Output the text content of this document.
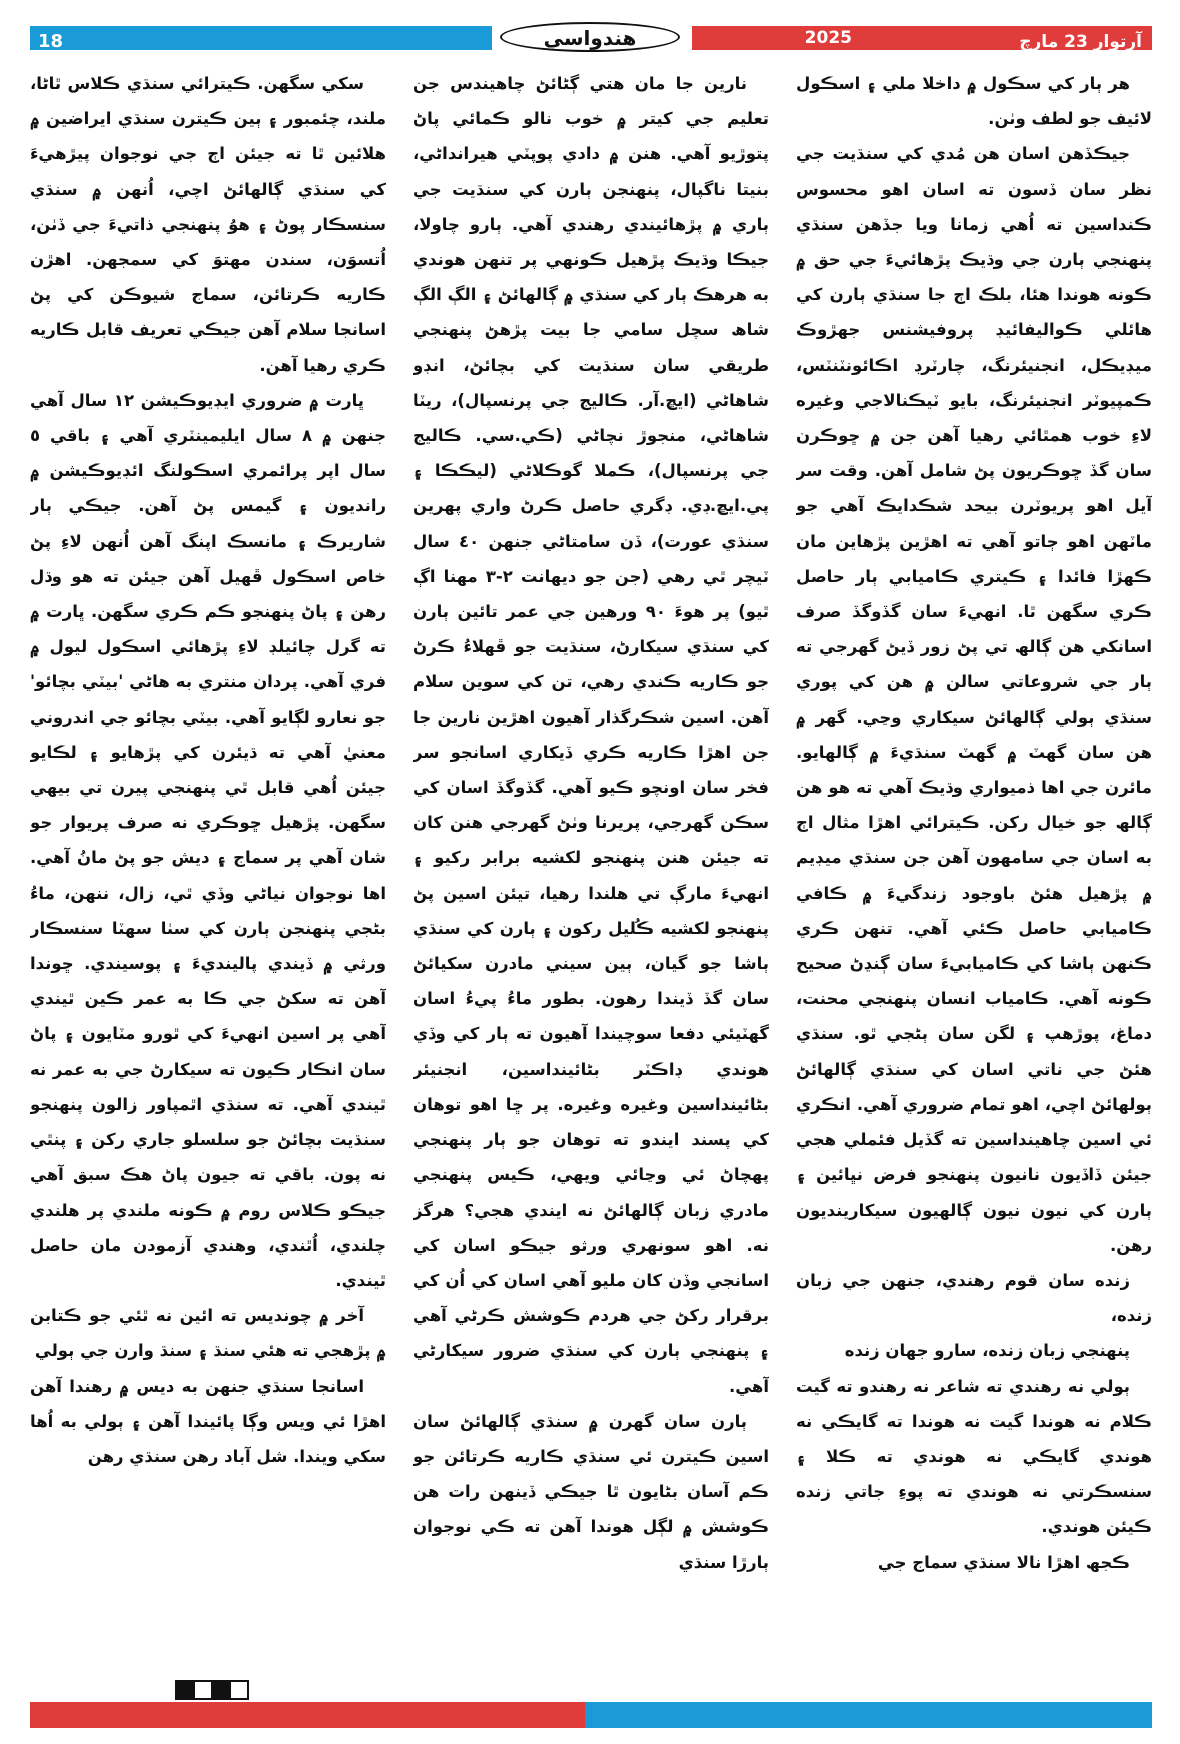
18	آرتوار 23 مارچ
2025
ھندواسي

هر ٻار کي سڪول ۾ داخلا ملي ۽ اسڪول لائيف جو لطف وٺن.

جيڪڏھن اسان ھن مُدي کي سنڌيت جي نظر سان ڏسون ته اسان اهو محسوس ڪنداسين ته اُهي زمانا ويا جڏھن سنڌي پنھنجي ٻارن جي وڌيڪ پڙھائيءَ جي حق ۾ ڪونه هوندا هئا، بلڪ اڄ جا سنڌي ٻارن کي هائلي ڪواليفائيڊ پروفيشنس جهڙوڪ ميڊيڪل، انجنيئرنگ، چارٽرڊ اڪائونٽنٽس، ڪمپيوٽر انجنيئرنگ، بايو ٽيڪنالاجي وغيره لاءِ خوب همٿائي رهيا آهن جن ۾ ڇوڪرن سان گڏ ڇوڪريون پڻ شامل آهن. وقت سر آيل اهو پريوٽرن بيحد شڪدايڪ آهي جو ماٽهن اهو ڄاتو آهي ته اهڙين پڙھاين مان ڪهڙا فائدا ۽ ڪيتري ڪاميابي ٻار حاصل ڪري سگهن ٿا. انھيءَ سان گڏوگڏ صرف اسانکي ھن ڳالھ تي پڻ زور ڏيڻ گھرجي ته ٻار جي شروعاتي سالن ۾ ھن کي پوري سنڌي ٻولي ڳالهائڻ سيکاري وڃي. گھر ۾ ھن سان گھٽ ۾ گھٽ سنڌيءَ ۾ ڳالهايو. مائرن جي اها ذميواري وڌيڪ آهي ته ھو ھن ڳالھ جو خيال رکن. ڪيترائي اهڙا مثال اڄ به اسان جي سامهون آهن جن سنڌي ميڊيم ۾ پڙھيل هئڻ باوجود زندگيءَ ۾ ڪافي ڪاميابي حاصل ڪئي آهي. تنهن ڪري ڪنهن ٻاشا کي ڪاميابيءَ سان ڳنڍڻ صحيح ڪونه آهي. ڪامياب انسان پنهنجي محنت، دماغ، پوڙھپ ۽ لگن سان ٻڻجي ٿو. سنڌي هئڻ جي ناتي اسان کي سنڌي ڳالهائڻ ٻولهائڻ اچي، اهو تمام ضروري آهي. انڪري ئي اسين چاهينداسين ته گڏيل فئملي هجي جيئن ڏاڏيون نانيون پنهنجو فرض نڀائين ۽ ٻارن کي نيون نيون ڳالهيون سيکارينديون رهن.

زنده سان قوم رهندي، جنهن جي زبان زنده،

پنهنجي زبان زنده، سارو جهان زنده

ٻولي نه رهندي ته شاعر نه رهندو ته گيت ڪلام نه هوندا گيت نه هوندا ته گايڪي نه هوندي گايڪي نه هوندي ته ڪلا ۽ سنسڪرتي نه هوندي ته پوءِ جاتي زنده ڪيئن هوندي.

ڪجھ اهڙا نالا سنڌي سماج جي

نارين جا مان هتي ڳڻائڻ چاهيندس جن تعليم جي کيتر ۾ خوب نالو ڪمائي پاڻ پتوڙيو آهي. ھنن ۾ دادي پوپٽي هيرانداڻي، بنيتا ناگپال، پنهنجن ٻارن کي سنڌيت جي ٻاري ۾ پڙهائيندي رهندي آهي. ٻارو چاولا، جيڪا وڌيڪ پڙھيل ڪونهي پر تنهن هوندي به هرهڪ ٻار کي سنڌي ۾ ڳالهائڻ ۽ الڳ الڳ شاھ سچل سامي جا بيت پڙھڻ پنهنجي طريقي سان سنڌيت کي بچائڻ، انڊو شاھاڻي (ايڇ.آر. ڪاليج جي پرنسپال)، ريٽا شاهاڻي، منجوڙ نچاڻي (ڪي.سي. ڪاليج جي پرنسپال)، ڪملا گوڪلاڻي (ليڪڪا ۽ پي.ايڇ.ڊي. ڊگري حاصل ڪرڻ واري پهرين سنڌي عورت)، ڏن سامتاڻي جنهن ٤٠ سال ٽيچر ٿي رهي (جن جو ديهانت ٢-٣ مهنا اڳ ٿيو) پر هوءَ ٩٠ ورهين جي عمر تائين ٻارن کي سنڌي سيکارڻ، سنڌيت جو ڦهلاءُ ڪرڻ جو ڪاريه ڪندي رهي، تن کي سوين سلام آهن. اسين شڪرگذار آهيون اهڙين نارين جا جن اهڙا ڪاريه ڪري ڏيکاري اسانجو سر فخر سان اونچو ڪيو آهي. گڏوگڏ اسان کي سڪن گھرجي، پريرنا وٺڻ گھرجي هنن کان ته جيئن هنن پنهنجو لکشيه برابر رکيو ۽ انھيءَ مارڳ تي هلندا رهيا، تيئن اسين پڻ پنهنجو لکشيه ڪُليل رکون ۽ ٻارن کي سنڌي ٻاشا جو گيان، ٻين سيني مادرن سکيائڻ سان گڏ ڏيندا رهون. بطور ماءُ پيءُ اسان گھٽيئي دفعا سوچيندا آهيون ته ٻار کي وڏي هوندي ڊاڪٽر بڻائينداسين، انجنيئر بڻائينداسين وغيره وغيره. پر ڇا اهو توهان کي پسند ايندو ته توهان جو ٻار پنهنجي پهچاڻ ئي وڃائي ويهي، ڪيس پنهنجي مادري زبان ڳالهائڻ نه ايندي هجي؟ هرگز نه. اهو سونهري ورثو جيڪو اسان کي اسانجي وڏن کان مليو آهي اسان کي اُن کي برقرار رکڻ جي هردم ڪوشش ڪرڻي آهي ۽ پنهنجي ٻارن کي سنڌي ضرور سيکارڻي آهي.

ٻارن سان گھرن ۾ سنڌي ڳالهائڻ سان اسين ڪيترن ئي سنڌي ڪاريه ڪرتائن جو ڪم آسان بڻايون ٿا جيڪي ڏينهن رات هن ڪوشش ۾ لڳل هوندا آهن ته ڪي نوجوان ٻارڙا سنڌي

سکي سگهن. ڪيترائي سنڌي ڪلاس ٿاڻا، ملند، چئمبور ۽ ٻين ڪيترن سنڌي ايراضين ۾ هلائين ٿا ته جيئن اڄ جي نوجوان پيڙھيءَ کي سنڌي ڳالهائڻ اچي، اُنهن ۾ سنڌي سنسڪار پوڻ ۽ هوُ پنهنجي ذاتيءَ جي ڏٺن، اُتسوَن، سندن مهتوَ کي سمجھن. اهڙن ڪاريه ڪرتائن، سماج شيوڪن کي پڻ اسانجا سلام آهن جيڪي تعريف قابل ڪاريه ڪري رهيا آهن.

ڀارت ۾ ضروري ايڊيوڪيشن ١٢ سال آهي جنهن ۾ ٨ سال ايليمينٽري آهي ۽ باقي ٥ سال اپر پرائمري اسڪولنگ ائڊيوڪيشن ۾ رانديون ۽ گيمس پڻ آهن. جيڪي ٻار شاريرڪ ۽ مانسڪ اپنگ آهن اُنهن لاءِ پڻ خاص اسڪول ڦهيل آهن جيئن ته هو وڌل رهن ۽ پاڻ پنهنجو ڪم ڪري سگهن. ڀارت ۾ ته گرل چائيلڊ لاءِ پڙھائي اسڪول ليول ۾ فري آهي. پردان منتري به هاڻي 'بيٽي بچائو' جو نعارو لڳايو آهي. بيٽي بچائو جي اندروني معنيٰ آهي ته ڌيئرن کي پڙھايو ۽ لڪايو جيئن اُهي قابل ٿي پنهنجي پيرن تي بيهي سگهن. پڙھيل ڇوڪري نه صرف پريوار جو شان آهي پر سماج ۽ ديش جو پڻ مانُ آهي. اها نوجوان نياڻي وڏي ٿي، زال، ننهن، ماءُ بڻجي پنهنجن ٻارن کي سٺا سهٽا سنسڪار ورثي ۾ ڏيندي پالينديءَ ۽ پوسيندي. ڇوندا آهن ته سکڻ جي ڪا به عمر ڪين ٿيندي آهي پر اسين انھيءَ کي ٿورو مٽايون ۽ پاڻ سان انڪار ڪيون ته سيکارڻ جي به عمر نه ٿيندي آهي. ته سنڌي اٿمپاور زالون پنهنجو سنڌيت بچائڻ جو سلسلو جاري رکن ۽ پنٿي نه پون. باقي ته جيون پاڻ هڪ سبق آهي جيڪو ڪلاس روم ۾ ڪونه ملندي پر هلندي چلندي، اُٿندي، وهندي آزمودن مان حاصل ٿيندي.

آخر ۾ چونديس ته ائين نه ٿئي جو ڪتابن ۾ پڙھجي ته هئي سنڌ ۽ سنڌ وارن جي ٻولي

اسانجا سنڌي جنهن به ديس ۾ رهندا آهن اهڙا ئي ويس وڳا پائيندا آهن ۽ ٻولي به اُها سکي ويندا. شل آباد رهن سنڌي رهن
